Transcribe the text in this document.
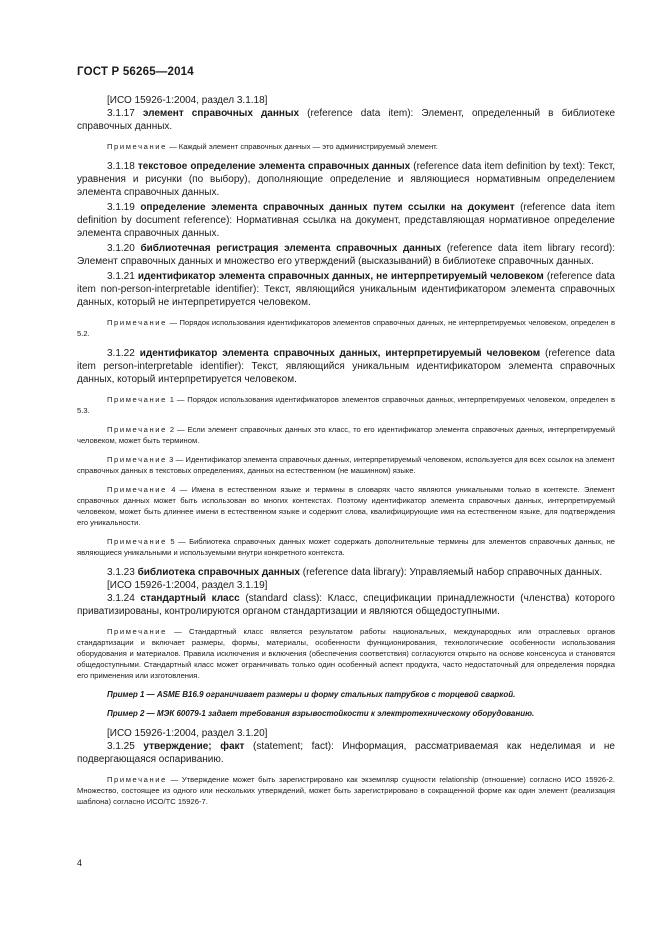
ГОСТ Р 56265—2014

[ИСО 15926-1:2004, раздел 3.1.18]

3.1.17 элемент справочных данных (reference data item): Элемент, определенный в библиотеке справочных данных.

Примечание — Каждый элемент справочных данных — это администрируемый элемент.

3.1.18 текстовое определение элемента справочных данных (reference data item definition by text): Текст, уравнения и рисунки (по выбору), дополняющие определение и являющиеся нормативным определением элемента справочных данных.

3.1.19 определение элемента справочных данных путем ссылки на документ (reference data item definition by document reference): Нормативная ссылка на документ, представляющая нормативное определение элемента справочных данных.

3.1.20 библиотечная регистрация элемента справочных данных (reference data item library record): Элемент справочных данных и множество его утверждений (высказываний) в библиотеке справочных данных.

3.1.21 идентификатор элемента справочных данных, не интерпретируемый человеком (reference data item non-person-interpretable identifier): Текст, являющийся уникальным идентификатором элемента справочных данных, который не интерпретируется человеком.

Примечание — Порядок использования идентификаторов элементов справочных данных, не интерпретируемых человеком, определен в 5.2.

3.1.22 идентификатор элемента справочных данных, интерпретируемый человеком (reference data item person-interpretable identifier): Текст, являющийся уникальным идентификатором элемента справочных данных, который интерпретируется человеком.

Примечание 1 — Порядок использования идентификаторов элементов справочных данных, интерпретируемых человеком, определен в 5.3.

Примечание 2 — Если элемент справочных данных это класс, то его идентификатор элемента справочных данных, интерпретируемый человеком, может быть термином.

Примечание 3 — Идентификатор элемента справочных данных, интерпретируемый человеком, используется для всех ссылок на элемент справочных данных в текстовых определениях, данных на естественном (не машинном) языке.

Примечание 4 — Имена в естественном языке и термины в словарях часто являются уникальными только в контексте. Элемент справочных данных может быть использован во многих контекстах. Поэтому идентификатор элемента справочных данных, интерпретируемый человеком, может быть длиннее имени в естественном языке и содержит слова, квалифицирующие имя на естественном языке, для подтверждения его уникальности.

Примечание 5 — Библиотека справочных данных может содержать дополнительные термины для элементов справочных данных, не являющиеся уникальными и используемыми внутри конкретного контекста.

3.1.23 библиотека справочных данных (reference data library): Управляемый набор справочных данных.

[ИСО 15926-1:2004, раздел 3.1.19]

3.1.24 стандартный класс (standard class): Класс, спецификации принадлежности (членства) которого приватизированы, контролируются органом стандартизации и являются общедоступными.

Примечание — Стандартный класс является результатом работы национальных, международных или отраслевых органов стандартизации и включает размеры, формы, материалы, особенности функционирования, технологические особенности использования оборудования и материалов. Правила исключения и включения (обеспечения соответствия) согласуются открыто на основе консенсуса и становятся общедоступными. Стандартный класс может ограничивать только один особенный аспект продукта, часто недостаточный для определения порядка его применения или изготовления.

Пример 1 — ASME B16.9 ограничивает размеры и форму стальных патрубков с торцевой сваркой.

Пример 2 — МЭК 60079-1 задает требования взрывостойкости к электротехническому оборудованию.

[ИСО 15926-1:2004, раздел 3.1.20]

3.1.25 утверждение; факт (statement; fact): Информация, рассматриваемая как неделимая и не подвергающаяся оспариванию.

Примечание — Утверждение может быть зарегистрировано как экземпляр сущности relationship (отношение) согласно ИСО 15926-2. Множество, состоящее из одного или нескольких утверждений, может быть зарегистрировано в сокращенной форме как один элемент (реализация шаблона) согласно ИСО/ТС 15926-7.

4
